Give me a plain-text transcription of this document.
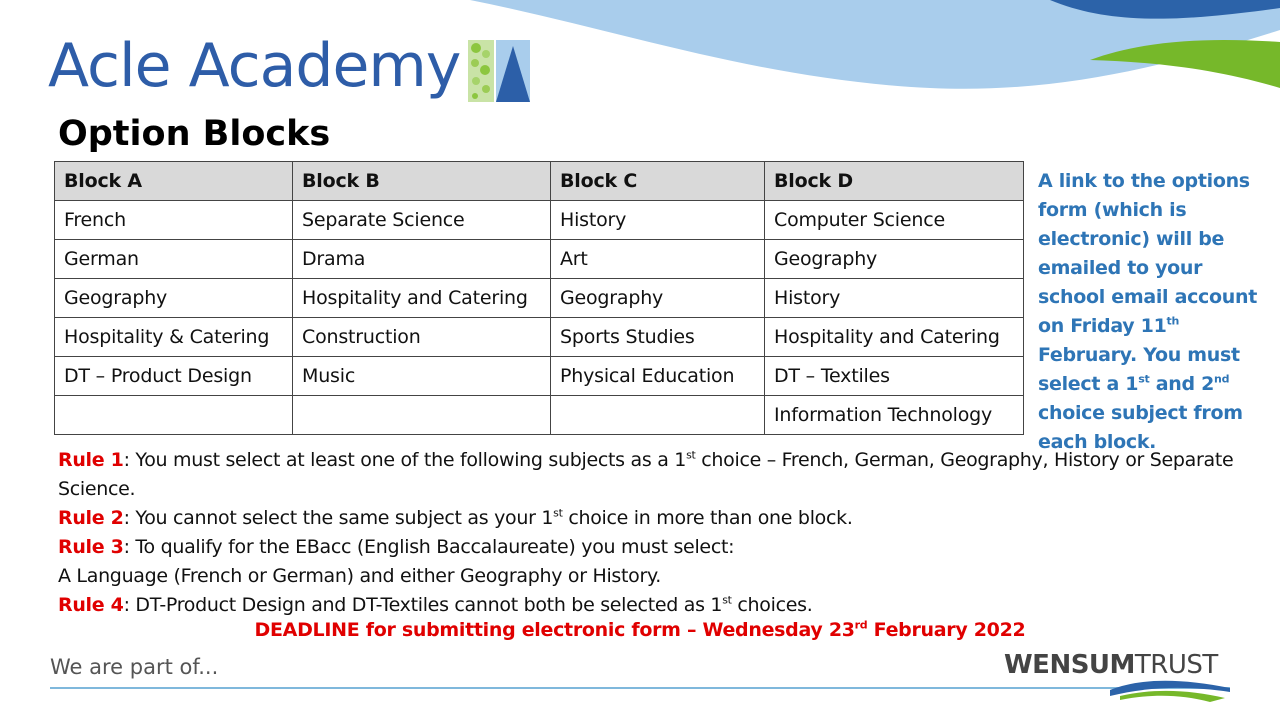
Acle Academy
Option Blocks
Block A	Block B	Block C	Block D
French	Separate Science	History	Computer Science
German	Drama	Art	Geography
Geography	Hospitality and Catering	Geography	History
Hospitality & Catering	Construction	Sports Studies	Hospitality and Catering
DT – Product Design	Music	Physical Education	DT – Textiles
			Information Technology
A link to the options form (which is electronic) will be emailed to your school email account on Friday 11th February. You must select a 1st and 2nd choice subject from each block.

Rule 1: You must select at least one of the following subjects as a 1st choice – French, German, Geography, History or Separate Science.

Rule 2: You cannot select the same subject as your 1st choice in more than one block.

Rule 3: To qualify for the EBacc (English Baccalaureate) you must select:

A Language (French or German) and either Geography or History.

Rule 4: DT-Product Design and DT-Textiles cannot both be selected as 1st choices.

DEADLINE for submitting electronic form – Wednesday 23rd February 2022
We are part of...	WENSUMTRUST
